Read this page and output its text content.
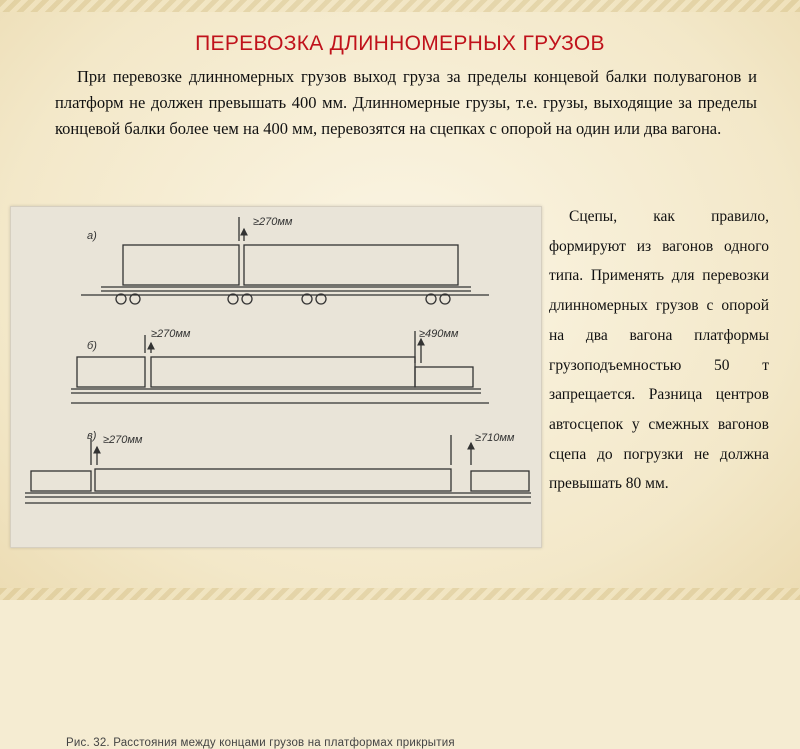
ПЕРЕВОЗКА ДЛИННОМЕРНЫХ ГРУЗОВ
При перевозке длинномерных грузов выход груза за пределы концевой балки полувагонов и платформ не должен превышать 400 мм. Длинномерные грузы, т.е. грузы, выходящие за пределы концевой балки более чем на 400 мм, перевозятся на сцепках с опорой на один или два вагона.
Сцепы, как правило, формируют из вагонов одного типа. Применять для перевозки длинномерных грузов с опорой на два вагона платформы грузоподъемностью 50 т запрещается. Разница центров автосцепок у смежных вагонов сцепа до погрузки не должна превышать 80 мм.
а)
≥270мм
б)
≥270мм	≥490мм
в) ≥270мм	≥710мм
Рис. 32. Расстояния между концами грузов на платформах прикрытия
